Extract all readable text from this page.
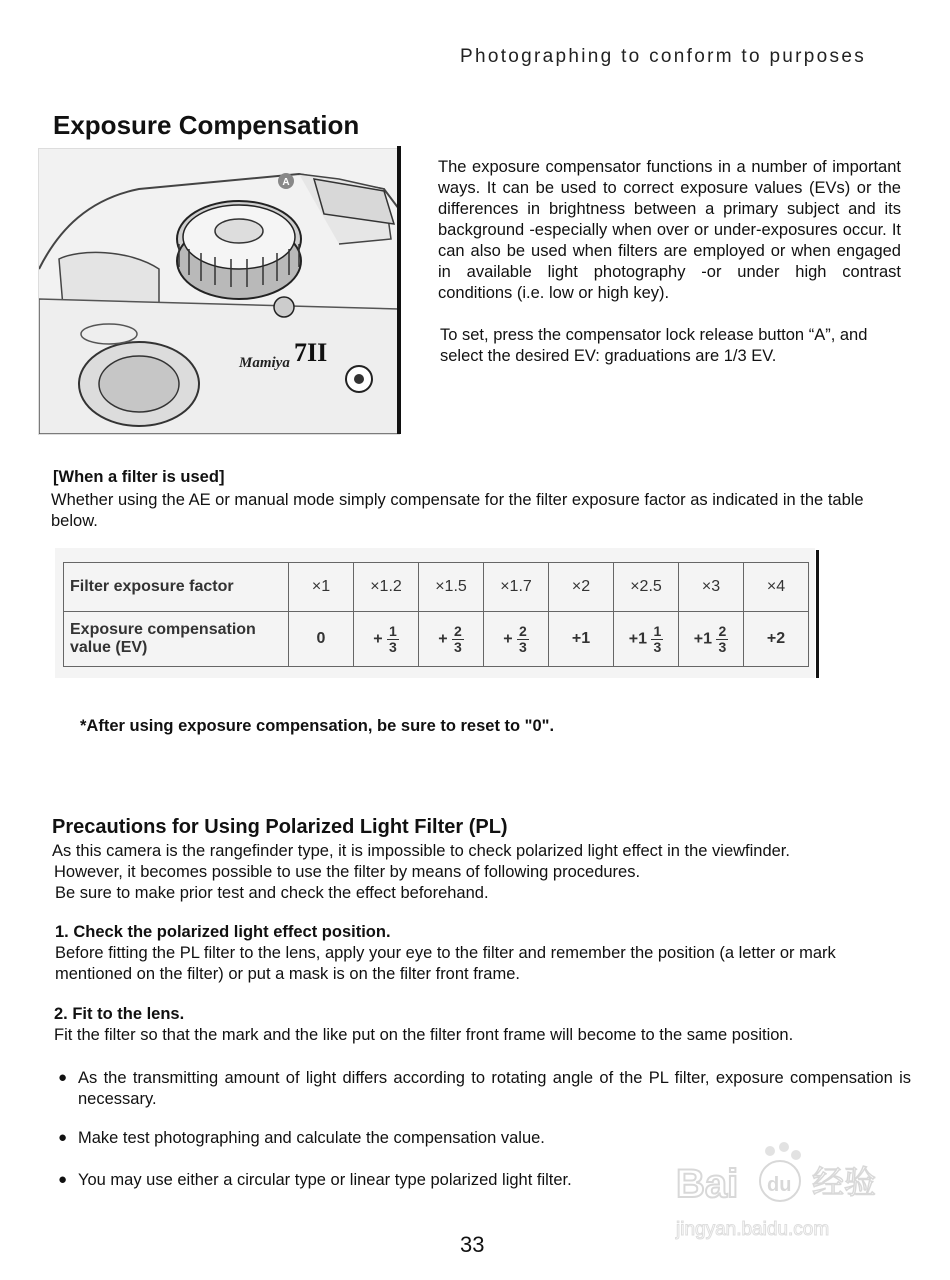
Photographing to conform to purposes
Exposure Compensation
A
Mamiya 7II
The exposure compensator functions in a number of important ways. It can be used to correct exposure values (EVs) or the differences in brightness between a primary subject and its background -especially when over or under-exposures occur. It can also be used when filters are employed or when engaged in available light photography -or under high contrast conditions (i.e. low or high key).
To set, press the compensator lock release button “A”, and select the desired EV: graduations are 1/3 EV.
[When a filter is used]
Whether using the AE or manual mode simply compensate for the filter exposure factor as indicated in the table below.
Filter exposure factor	×1	×1.2	×1.5	×1.7	×2	×2.5	×3	×4
Exposure compensation
value (EV)	0	+ $\frac{1}{3}$	+ $\frac{2}{3}$	+ $\frac{2}{3}$	+1	$+1 \frac{1}{3}$	$+1 \frac{2}{3}$	+2
*After using exposure compensation, be sure to reset to "0".
Precautions for Using Polarized Light Filter (PL)
As this camera is the rangefinder type, it is impossible to check polarized light effect in the viewfinder.
However, it becomes possible to use the filter by means of following procedures.
Be sure to make prior test and check the effect beforehand.
1. Check the polarized light effect position.
Before fitting the PL filter to the lens, apply your eye to the filter and remember the position (a letter or mark mentioned on the filter) or put a mask is on the filter front frame.
2. Fit to the lens.
Fit the filter so that the mark and the like put on the filter front frame will become to the same position.
● As the transmitting amount of light differs according to rotating angle of the PL filter, exposure compensation is necessary.
● Make test photographing and calculate the compensation value.
● You may use either a circular type or linear type polarized light filter.	Bai du 经验
jingyan.baidu.com
33
